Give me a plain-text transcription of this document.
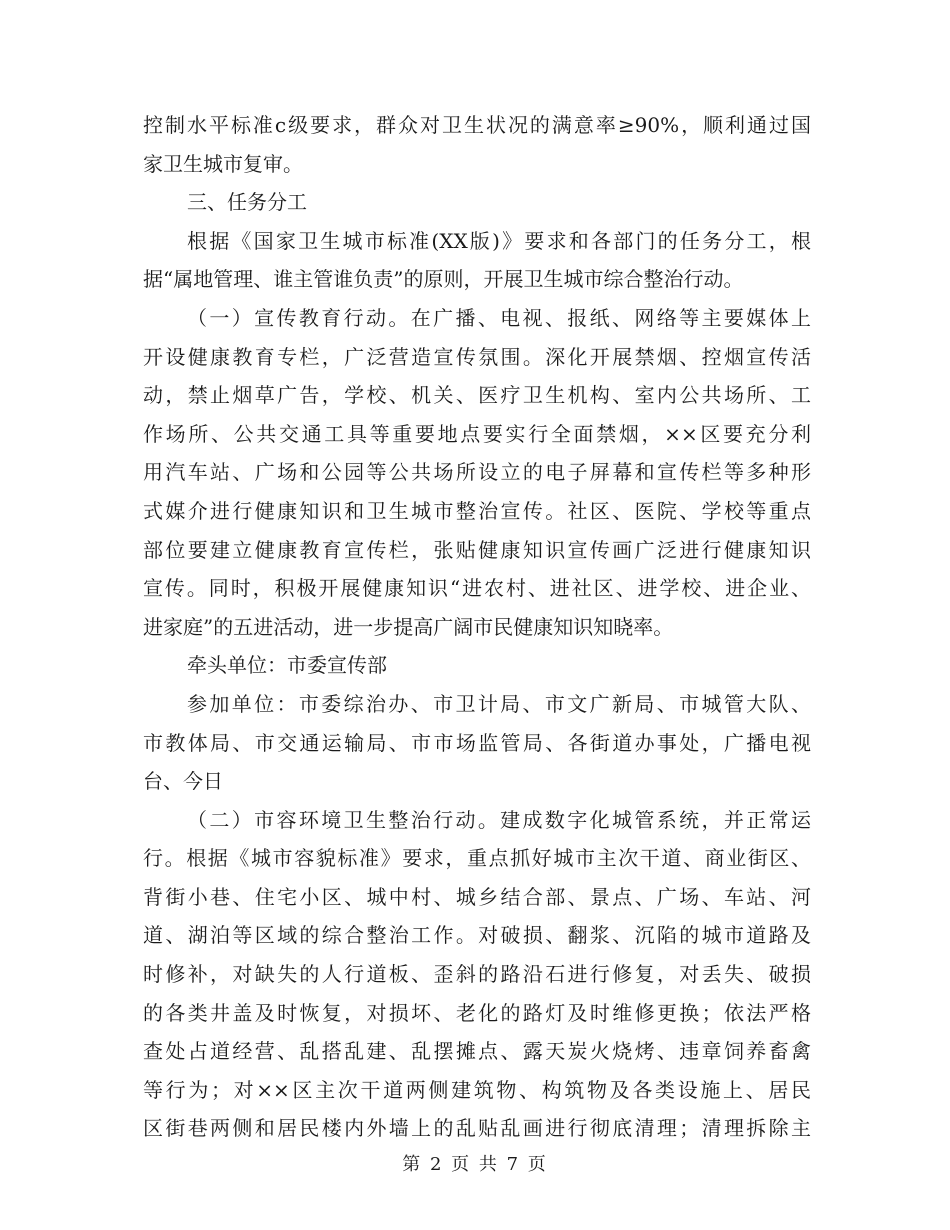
控制水平标准c级要求，群众对卫生状况的满意率≥90%，顺利通过国
家卫生城市复审。
三、任务分工
根据《国家卫生城市标准(XX版)》要求和各部门的任务分工，根
据“属地管理、谁主管谁负责”的原则，开展卫生城市综合整治行动。
（一）宣传教育行动。在广播、电视、报纸、网络等主要媒体上
开设健康教育专栏，广泛营造宣传氛围。深化开展禁烟、控烟宣传活
动，禁止烟草广告，学校、机关、医疗卫生机构、室内公共场所、工
作场所、公共交通工具等重要地点要实行全面禁烟，××区要充分利
用汽车站、广场和公园等公共场所设立的电子屏幕和宣传栏等多种形
式媒介进行健康知识和卫生城市整治宣传。社区、医院、学校等重点
部位要建立健康教育宣传栏，张贴健康知识宣传画广泛进行健康知识
宣传。同时，积极开展健康知识“进农村、进社区、进学校、进企业、
进家庭”的五进活动，进一步提高广阔市民健康知识知晓率。
牵头单位：市委宣传部
参加单位：市委综治办、市卫计局、市文广新局、市城管大队、
市教体局、市交通运输局、市市场监管局、各街道办事处，广播电视
台、今日
（二）市容环境卫生整治行动。建成数字化城管系统，并正常运
行。根据《城市容貌标准》要求，重点抓好城市主次干道、商业街区、
背街小巷、住宅小区、城中村、城乡结合部、景点、广场、车站、河
道、湖泊等区域的综合整治工作。对破损、翻浆、沉陷的城市道路及
时修补，对缺失的人行道板、歪斜的路沿石进行修复，对丢失、破损
的各类井盖及时恢复，对损坏、老化的路灯及时维修更换；依法严格
查处占道经营、乱搭乱建、乱摆摊点、露天炭火烧烤、违章饲养畜禽
等行为；对××区主次干道两侧建筑物、构筑物及各类设施上、居民
区街巷两侧和居民楼内外墙上的乱贴乱画进行彻底清理；清理拆除主
第 2 页 共 7 页
